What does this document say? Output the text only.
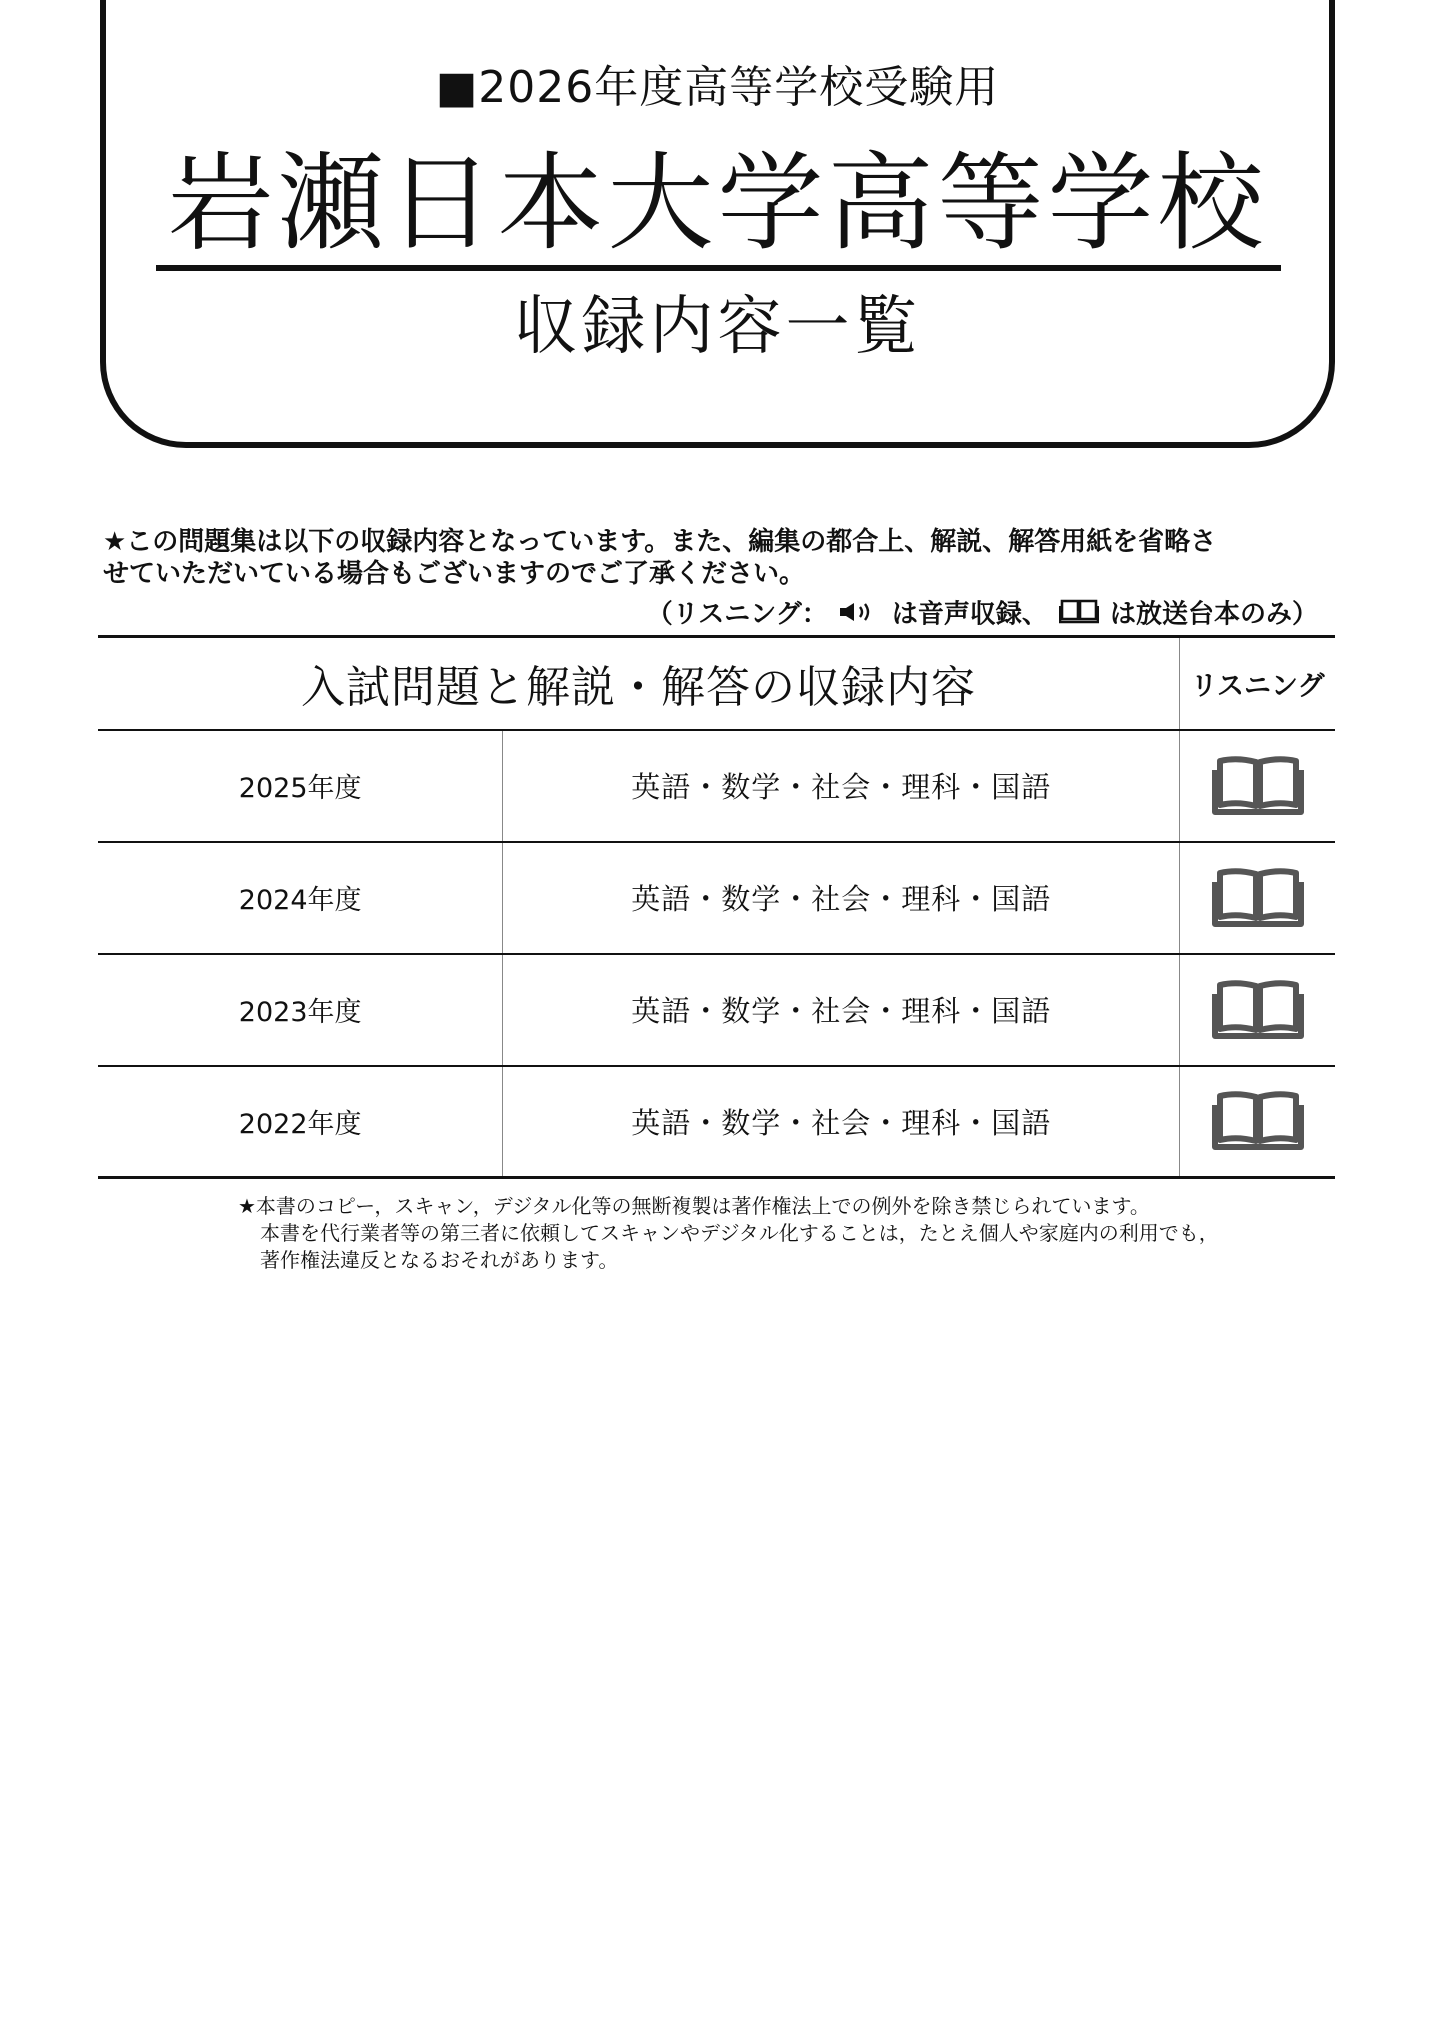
■2026年度高等学校受験用
岩瀬日本大学高等学校
収録内容一覧

★この問題集は以下の収録内容となっています。また、編集の都合上、解説、解答用紙を省略さ

せていただいている場合もございますのでご了承ください。

（リスニング： は音声収録、 は放送台本のみ）
入試問題と解説・解答の収録内容		リスニング
2025年度	英語・数学・社会・理科・国語	

2024年度	英語・数学・社会・理科・国語	

2023年度	英語・数学・社会・理科・国語	

2022年度	英語・数学・社会・理科・国語	

★本書のコピー，スキャン，デジタル化等の無断複製は著作権法上での例外を除き禁じられています。

本書を代行業者等の第三者に依頼してスキャンやデジタル化することは，たとえ個人や家庭内の利用でも，

著作権法違反となるおそれがあります。
